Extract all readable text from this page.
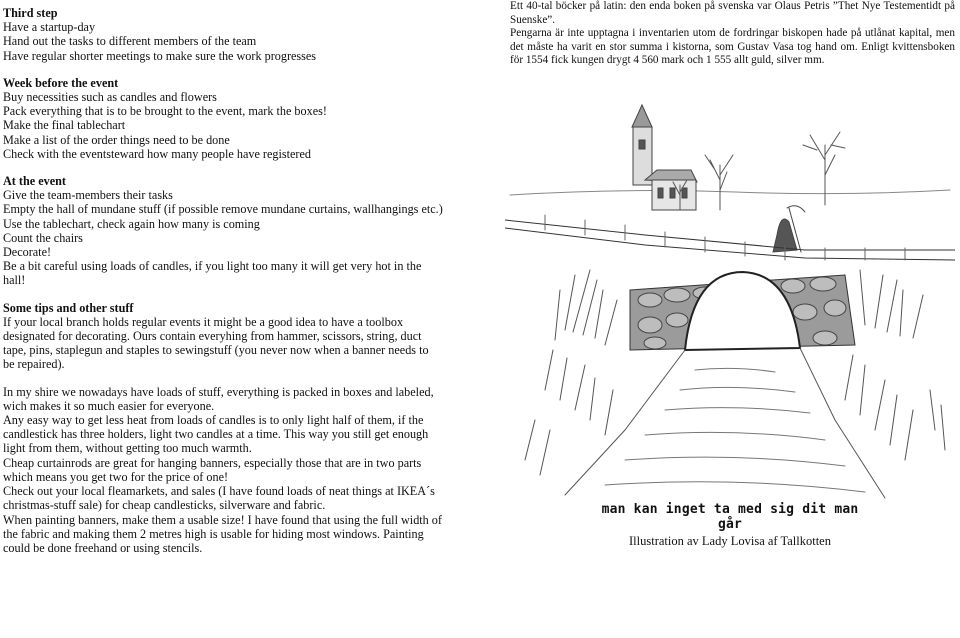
Third step

Have a startup-day

Hand out the tasks to different members of the team

Have regular shorter meetings to make sure the work progresses

Week before the event

Buy necessities such as candles and flowers

Pack everything that is to be brought to the event, mark the boxes!

Make the final tablechart

Make a list of the order things need to be done

Check with the eventsteward how many people have registered

At the event

Give the team-members their tasks

Empty the hall of mundane stuff (if possible remove mundane curtains, wallhangings etc.)

Use the tablechart, check again how many is coming

Count the chairs

Decorate!

Be a bit careful using loads of candles, if you light too many it will get very hot in the hall!

Some tips and other stuff

If your local branch holds regular events it might be a good idea to have a toolbox designated for decorating. Ours contain everyhing from hammer, scissors, string, duct tape, pins, staplegun and staples to sewingstuff (you never now when a banner needs to be repaired).

In my shire we nowadays have loads of stuff, everything is packed in boxes and labeled, wich makes it so much easier for everyone.

Any easy way to get less heat from loads of candles is to only light half of them, if the candlestick has three holders, light two candles at a time. This way you still get enough light from them, without getting too much warmth.

Cheap curtainrods are great for hanging banners, especially those that are in two parts which means you get two for the price of one!

Check out your local fleamarkets, and sales (I have found loads of neat things at IKEA´s christmas-stuff sale) for cheap candlesticks, silverware and fabric.

When painting banners, make them a usable size! I have found that using the full width of the fabric and making them 2 metres high is usable for hiding most windows. Painting could be done freehand or using stencils.

Ett 40-tal böcker på latin: den enda boken på svenska var Olaus Petris ”Thet Nye Testementidt på Suenske”.

Pengarna är inte upptagna i inventarien utom de fordringar biskopen hade på utlånat kapital, men det måste ha varit en stor summa i kistorna, som Gustav Vasa tog hand om. Enligt kvittensboken för 1554 fick kungen drygt 4 560 mark och 1 555 allt guld, silver mm.

man kan inget ta med sig dit man går
Illustration av Lady Lovisa af Tallkotten
